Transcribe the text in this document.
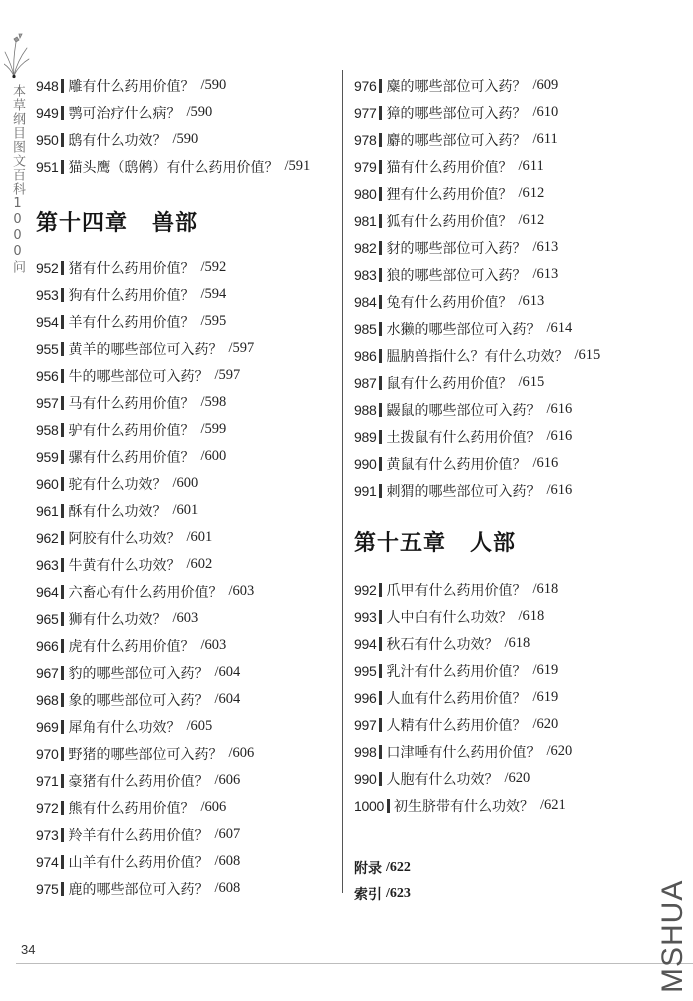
本草纲目图文百科1000问 948 雕有什么药用价值？ /590
949 鹗可治疗什么病？ /590
950 鸱有什么功效？ /590
951 猫头鹰（鸱鸺）有什么药用价值？ /591
第十四章 兽部
952 猪有什么药用价值？ /592
953 狗有什么药用价值？ /594
954 羊有什么药用价值？ /595
955 黄羊的哪些部位可入药？ /597
956 牛的哪些部位可入药？ /597
957 马有什么药用价值？ /598
958 驴有什么药用价值？ /599
959 骡有什么药用价值？ /600
960 驼有什么功效？ /600
961 酥有什么功效？ /601
962 阿胶有什么功效？ /601
963 牛黄有什么功效？ /602
964 六畜心有什么药用价值？ /603
965 狮有什么功效？ /603
966 虎有什么药用价值？ /603
967 豹的哪些部位可入药？ /604
968 象的哪些部位可入药？ /604
969 犀角有什么功效？ /605
970 野猪的哪些部位可入药？ /606
971 豪猪有什么药用价值？ /606
972 熊有什么药用价值？ /606
973 羚羊有什么药用价值？ /607
974 山羊有什么药用价值？ /608
975 鹿的哪些部位可入药？ /608
976 麋的哪些部位可入药？ /609
977 獐的哪些部位可入药？ /610
978 麝的哪些部位可入药？ /611
979 猫有什么药用价值？ /611
980 狸有什么药用价值？ /612
981 狐有什么药用价值？ /612
982 豺的哪些部位可入药？ /613
983 狼的哪些部位可入药？ /613
984 兔有什么药用价值？ /613
985 水獭的哪些部位可入药？ /614
986 腽肭兽指什么？有什么功效？ /615
987 鼠有什么药用价值？ /615
988 鼹鼠的哪些部位可入药？ /616
989 土拨鼠有什么药用价值？ /616
990 黄鼠有什么药用价值？ /616
991 刺猬的哪些部位可入药？ /616
第十五章 人部
992 爪甲有什么药用价值？ /618
993 人中白有什么功效？ /618
994 秋石有什么功效？ /618
995 乳汁有什么药用价值？ /619
996 人血有什么药用价值？ /619
997 人精有什么药用价值？ /620
998 口津唾有什么药用价值？ /620
990 人胞有什么功效？ /620
1000 初生脐带有什么功效？ /621
附录 /622
索引 /623
34	MSHUA
